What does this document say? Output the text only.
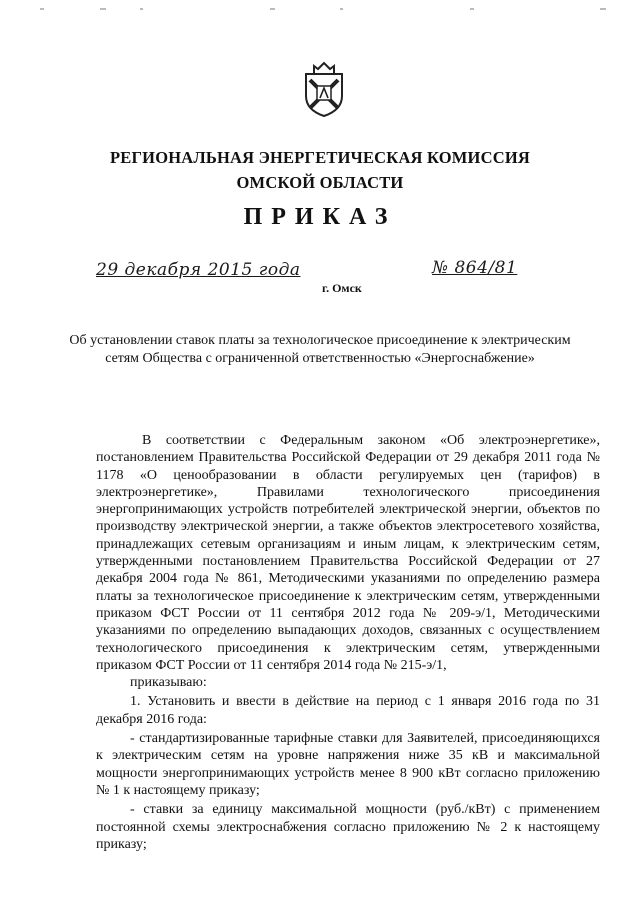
РЕГИОНАЛЬНАЯ ЭНЕРГЕТИЧЕСКАЯ КОМИССИЯ
ОМСКОЙ ОБЛАСТИ
ПРИКАЗ
29 декабря 2015 года	№ 864/81
г. Омск
Об установлении ставок платы за технологическое присоединение к электрическим сетям Общества с ограниченной ответственностью «Энергоснабжение»

В соответствии с Федеральным законом «Об электроэнергетике», постановлением Правительства Российской Федерации от 29 декабря 2011 года № 1178 «О ценообразовании в области регулируемых цен (тарифов) в электроэнергетике», Правилами технологического присоединения энергопринимающих устройств потребителей электрической энергии, объектов по производству электрической энергии, а также объектов электросетевого хозяйства, принадлежащих сетевым организациям и иным лицам, к электрическим сетям, утвержденными постановлением Правительства Российской Федерации от 27 декабря 2004 года № 861, Методическими указаниями по определению размера платы за технологическое присоединение к электрическим сетям, утвержденными приказом ФСТ России от 11 сентября 2012 года № 209-э/1, Методическими указаниями по определению выпадающих доходов, связанных с осуществлением технологического присоединения к электрическим сетям, утвержденными приказом ФСТ России от 11 сентября 2014 года № 215-э/1,

приказываю:

1. Установить и ввести в действие на период с 1 января 2016 года по 31 декабря 2016 года:

- стандартизированные тарифные ставки для Заявителей, присоединяющихся к электрическим сетям на уровне напряжения ниже 35 кВ и максимальной мощности энергопринимающих устройств менее 8 900 кВт согласно приложению № 1 к настоящему приказу;

- ставки за единицу максимальной мощности (руб./кВт) с применением постоянной схемы электроснабжения согласно приложению № 2 к настоящему приказу;
